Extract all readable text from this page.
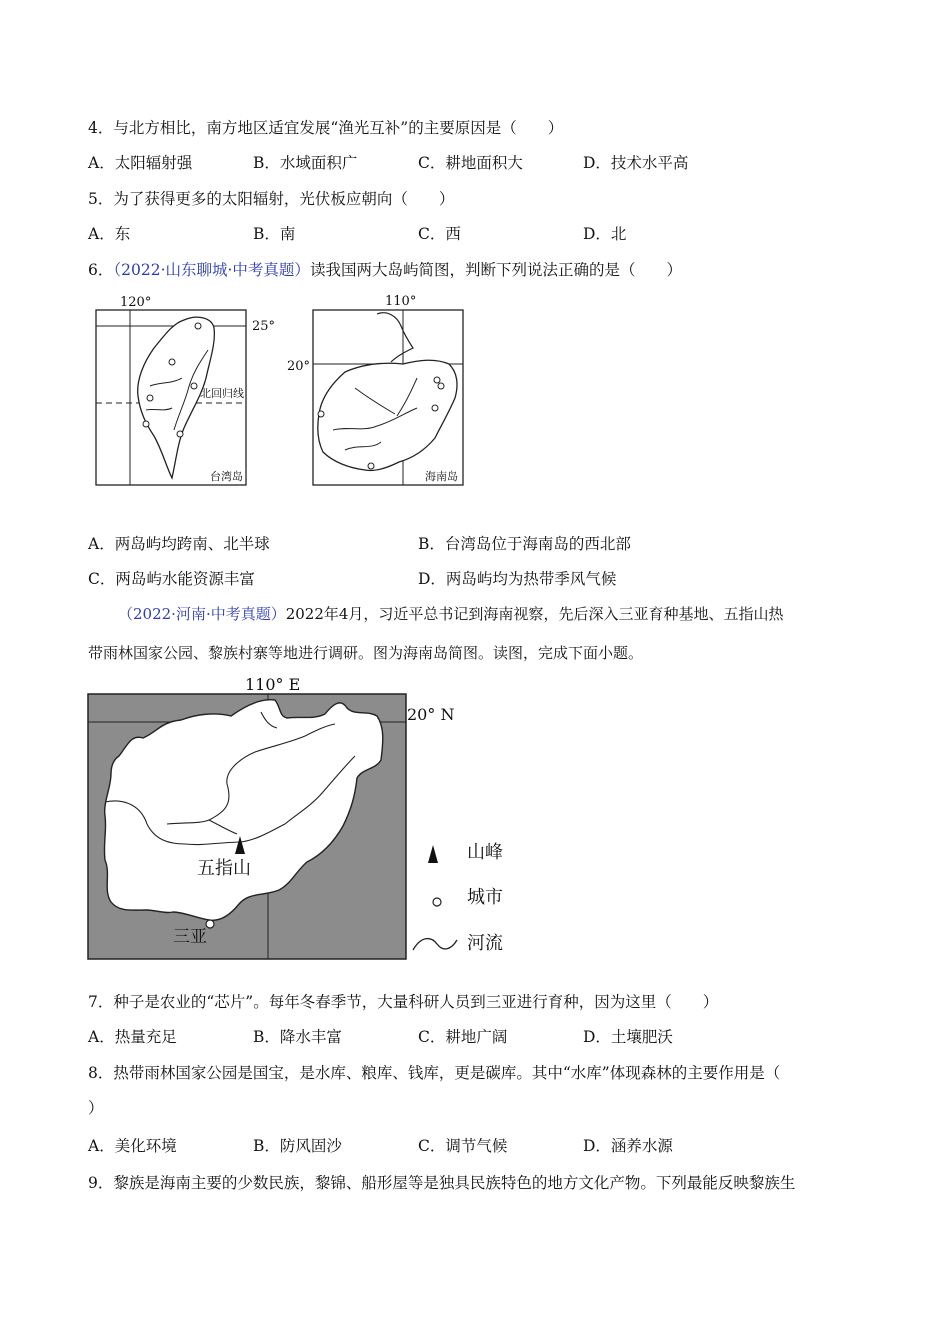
4．与北方相比，南方地区适宜发展“渔光互补”的主要原因是（　　）
A．太阳辐射强	B．水域面积广	C．耕地面积大	D．技术水平高
5．为了获得更多的太阳辐射，光伏板应朝向（　　）
A．东	B．南	C．西	D．北
6．（2022·山东聊城·中考真题）读我国两大岛屿简图，判断下列说法正确的是（　　）
120°
25°
北回归线
台湾岛
110°
20°
海南岛
A．两岛屿均跨南、北半球	B．台湾岛位于海南岛的西北部
C．两岛屿水能资源丰富	D．两岛屿均为热带季风气候
（2022·河南·中考真题）2022年4月，习近平总书记到海南视察，先后深入三亚育种基地、五指山热
带雨林国家公园、黎族村寨等地进行调研。图为海南岛简图。读图，完成下面小题。
110° E
20° N
五指山
三亚
山峰
城市
河流
7．种子是农业的“芯片”。每年冬春季节，大量科研人员到三亚进行育种，因为这里（　　）
A．热量充足	B．降水丰富	C．耕地广阔	D．土壤肥沃
8．热带雨林国家公园是国宝，是水库、粮库、钱库，更是碳库。其中“水库”体现森林的主要作用是（
）
A．美化环境	B．防风固沙	C．调节气候	D．涵养水源
9．黎族是海南主要的少数民族，黎锦、船形屋等是独具民族特色的地方文化产物。下列最能反映黎族生
